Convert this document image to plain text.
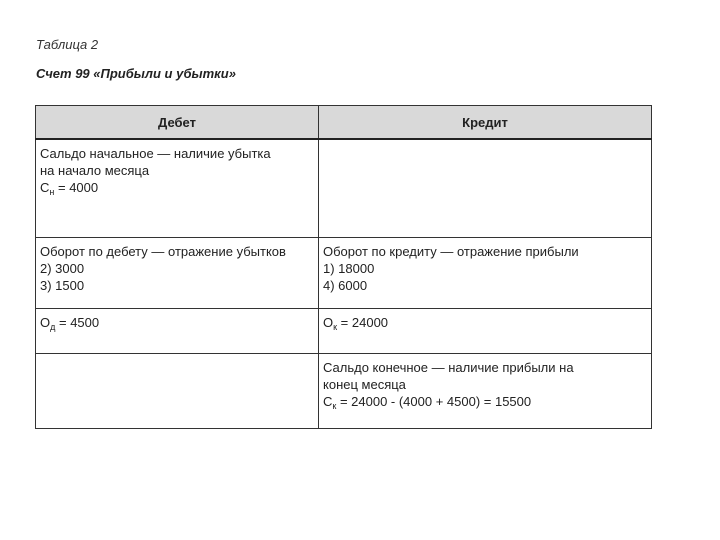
Таблица 2
Счет 99 «Прибыли и убытки»
Дебет	Кредит

Сальдо начальное — наличие убытка
на начало месяца
$С_н = 4000$	

Оборот по дебету — отражение убытков
2) 3000
3) 1500	Оборот по кредиту — отражение прибыли
1) 18000
4) 6000

$О_д = 4500$	$О_к = 24000$

	Сальдо конечное — наличие прибыли на
конец месяца
$С_к = 24000 - (4000 + 4500) = 15500$
